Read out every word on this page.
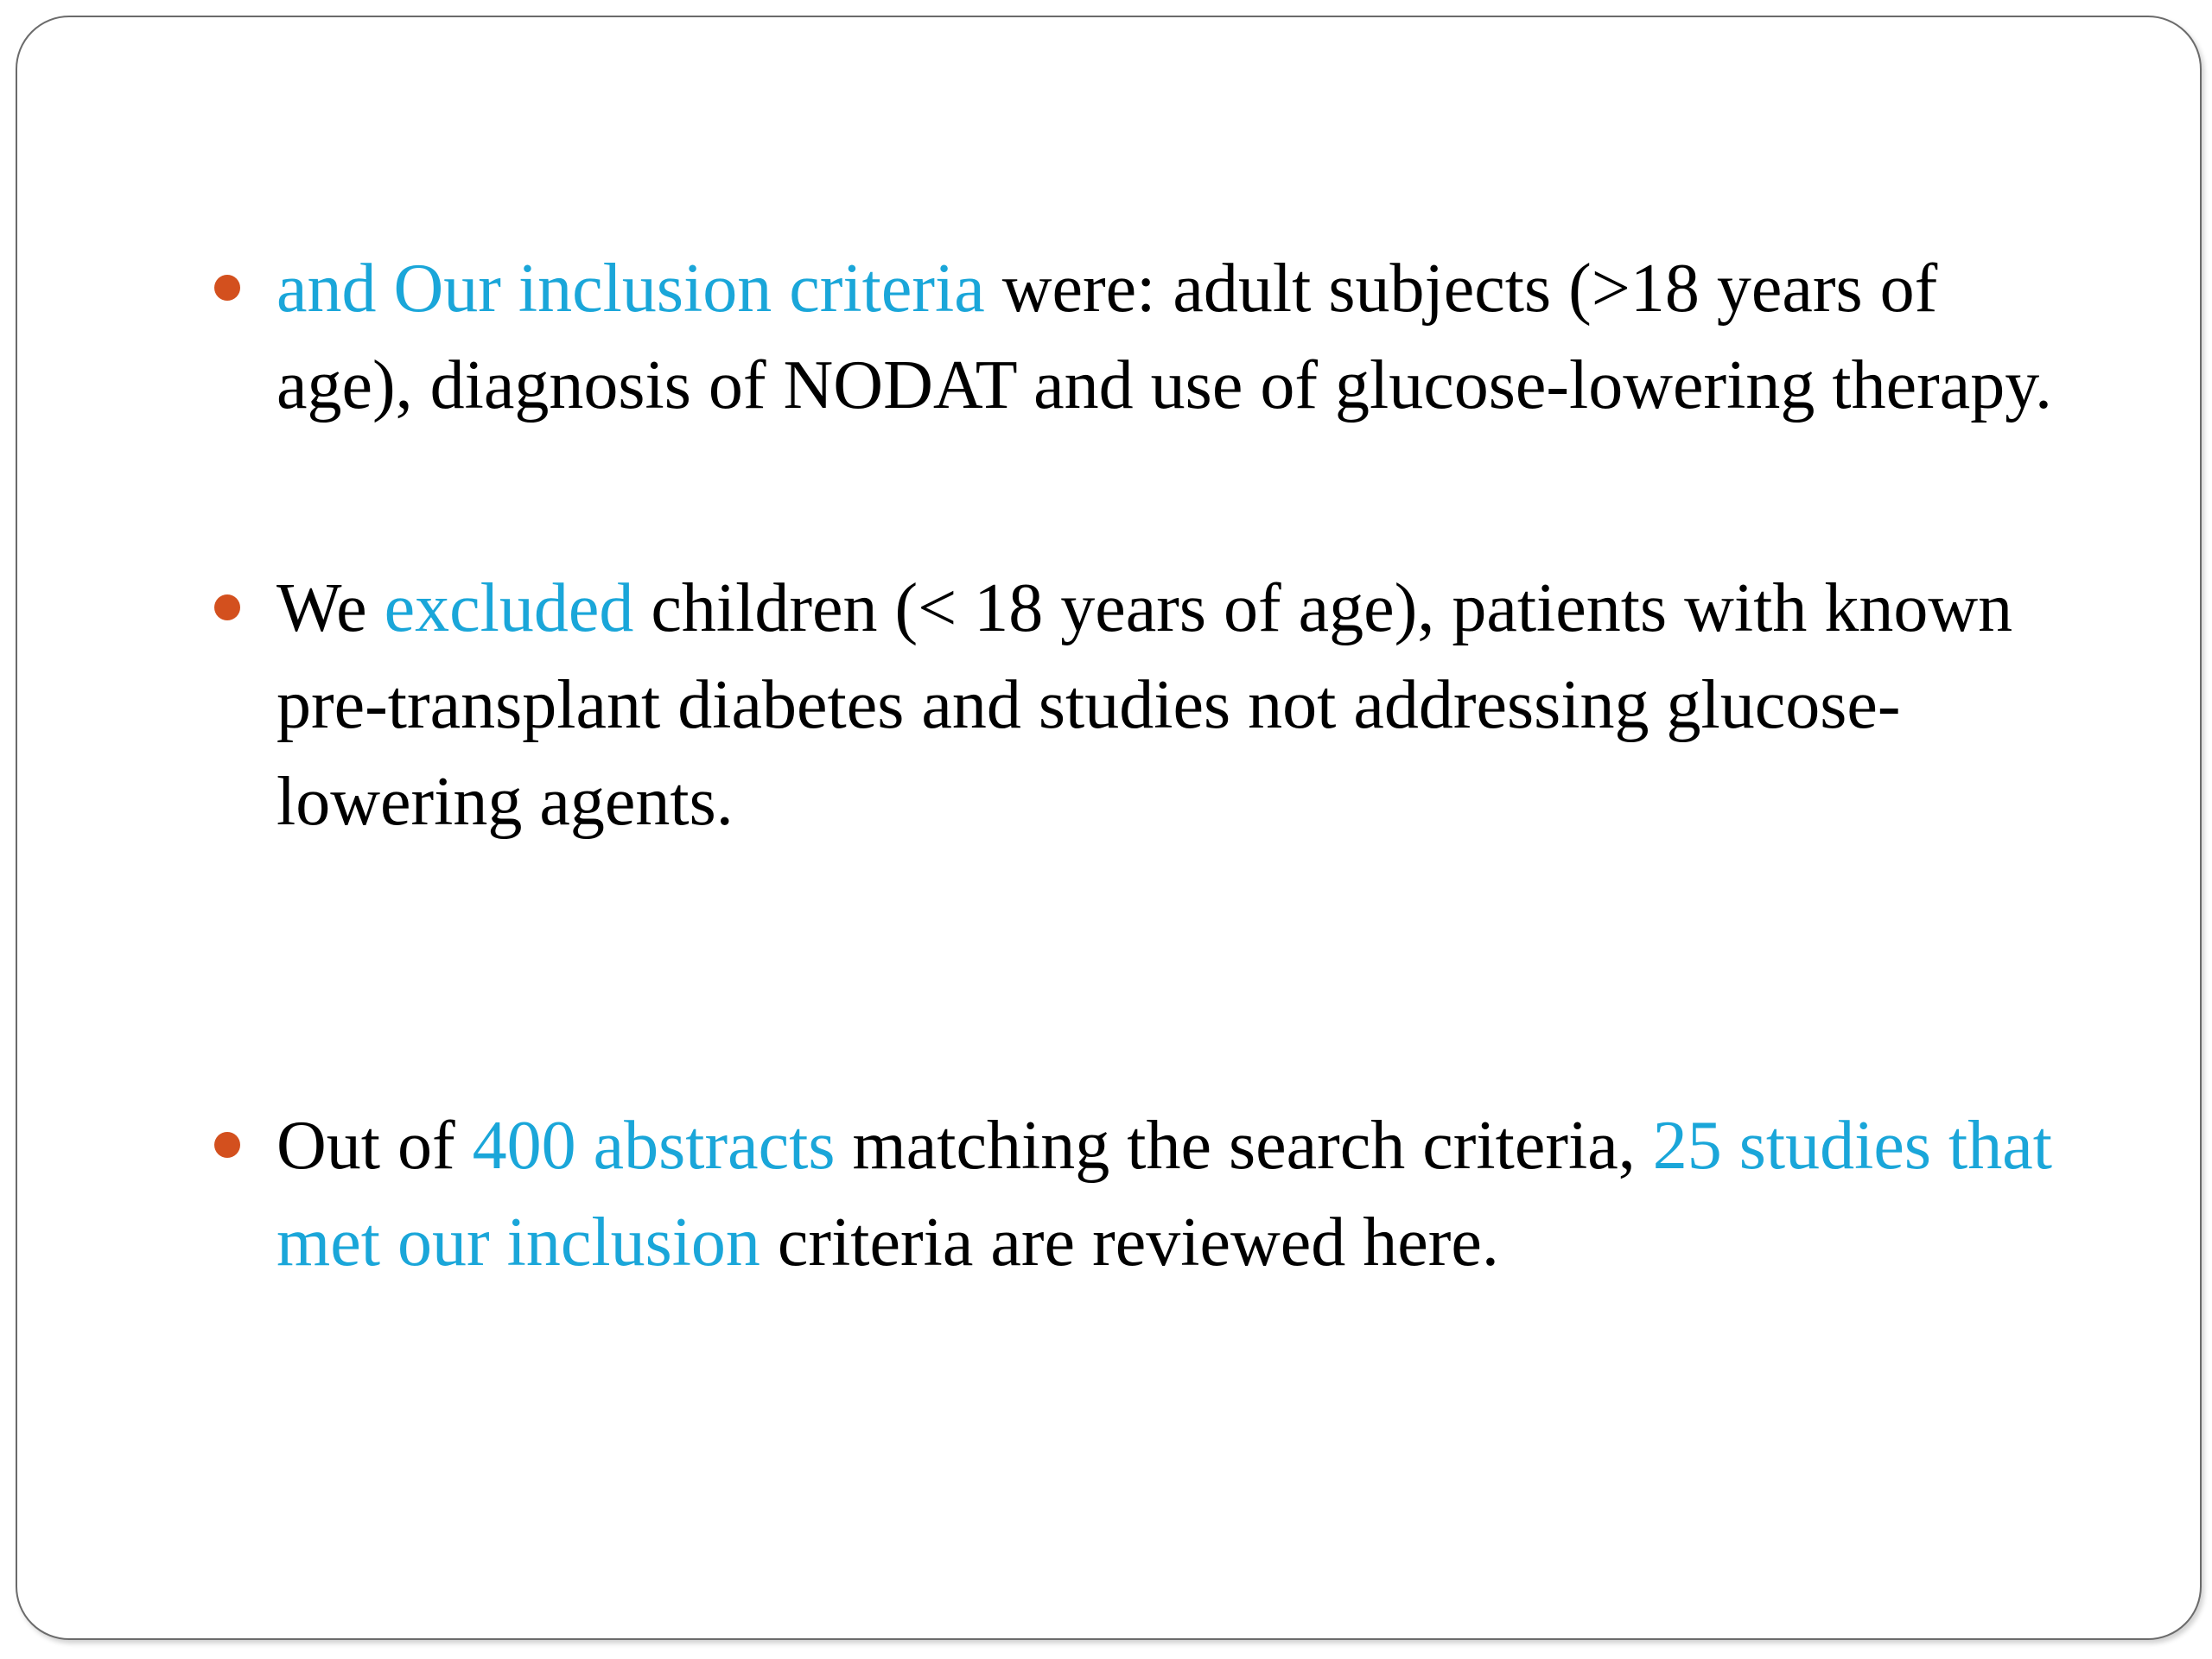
and Our inclusion criteria were: adult subjects (>18 years of age), diagnosis of NODAT and use of glucose-lowering therapy.
We excluded children (< 18 years of age), patients with known pre-transplant diabetes and studies not addressing glucose-lowering agents.
Out of 400 abstracts matching the search criteria, 25 studies that met our inclusion criteria are reviewed here.
